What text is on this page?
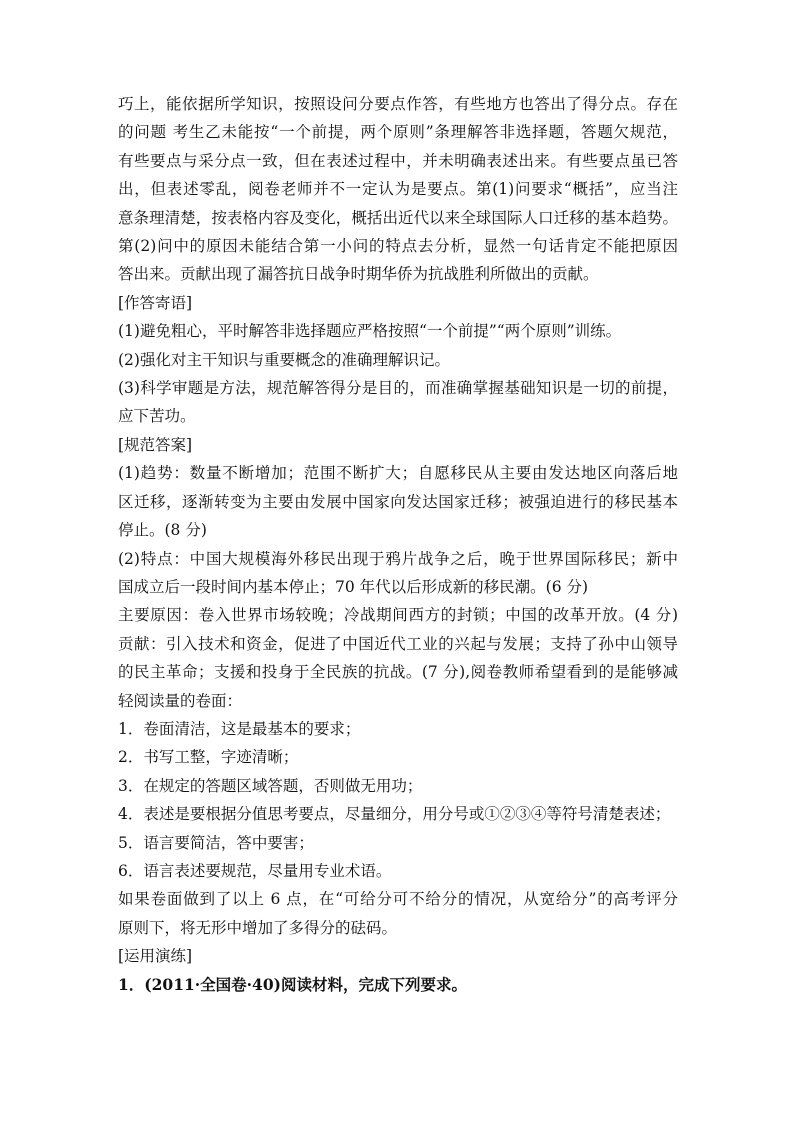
巧上，能依据所学知识，按照设问分要点作答，有些地方也答出了得分点。存在
的问题 考生乙未能按“一个前提，两个原则”条理解答非选择题，答题欠规范，
有些要点与采分点一致，但在表述过程中，并未明确表述出来。有些要点虽已答
出，但表述零乱，阅卷老师并不一定认为是要点。第(1)问要求“概括”，应当注
意条理清楚，按表格内容及变化，概括出近代以来全球国际人口迁移的基本趋势。
第(2)问中的原因未能结合第一小问的特点去分析，显然一句话肯定不能把原因
答出来。贡献出现了漏答抗日战争时期华侨为抗战胜利所做出的贡献。
[作答寄语]
(1)避免粗心，平时解答非选择题应严格按照“一个前提”“两个原则”训练。
(2)强化对主干知识与重要概念的准确理解识记。
(3)科学审题是方法，规范解答得分是目的，而准确掌握基础知识是一切的前提，
应下苦功。
[规范答案]
(1)趋势：数量不断增加；范围不断扩大；自愿移民从主要由发达地区向落后地
区迁移，逐渐转变为主要由发展中国家向发达国家迁移；被强迫进行的移民基本
停止。(8 分)
(2)特点：中国大规模海外移民出现于鸦片战争之后，晚于世界国际移民；新中
国成立后一段时间内基本停止；70 年代以后形成新的移民潮。(6 分)
主要原因：卷入世界市场较晚；冷战期间西方的封锁；中国的改革开放。(4 分)
贡献：引入技术和资金，促进了中国近代工业的兴起与发展；支持了孙中山领导
的民主革命；支援和投身于全民族的抗战。(7 分),阅卷教师希望看到的是能够减
轻阅读量的卷面：
1．卷面清洁，这是最基本的要求；
2．书写工整，字迹清晰；
3．在规定的答题区域答题，否则做无用功；
4．表述是要根据分值思考要点，尽量细分，用分号或①②③④等符号清楚表述；
5．语言要简洁，答中要害；
6．语言表述要规范，尽量用专业术语。
如果卷面做到了以上 6 点，在“可给分可不给分的情况，从宽给分”的高考评分
原则下，将无形中增加了多得分的砝码。
[运用演练]
1．(2011·全国卷·40)阅读材料，完成下列要求。
